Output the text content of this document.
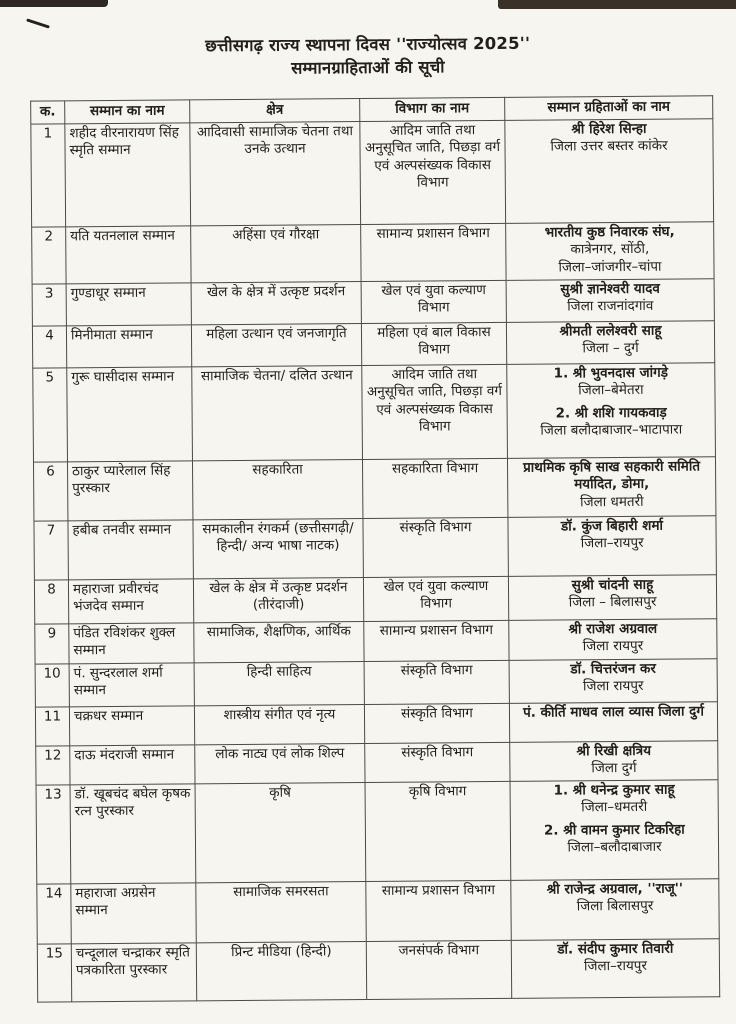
छत्तीसगढ़ राज्य स्थापना दिवस ''राज्योत्सव 2025''
सम्मानग्राहिताओं की सूची
क.	सम्मान का नाम	क्षेत्र	विभाग का नाम	सम्मान ग्रहिताओं का नाम
1	शहीद वीरनारायण सिंह स्मृति सम्मान	आदिवासी सामाजिक चेतना तथा उनके उत्थान	आदिम जाति तथा अनुसूचित जाति, पिछड़ा वर्ग एवं अल्पसंख्यक विकास विभाग	श्री हिरेश सिन्हा
जिला उत्तर बस्तर कांकेर

2	यति यतनलाल सम्मान	अहिंसा एवं गौरक्षा	सामान्य प्रशासन विभाग	भारतीय कुष्ठ निवारक संघ,
कात्रेनगर, सोंठी,
जिला–जांजगीर–चांपा

3	गुण्डाधूर सम्मान	खेल के क्षेत्र में उत्कृष्ट प्रदर्शन	खेल एवं युवा कल्याण विभाग	सुश्री ज्ञानेश्वरी यादव
जिला राजनांदगांव

4	मिनीमाता सम्मान	महिला उत्थान एवं जनजागृति	महिला एवं बाल विकास विभाग	श्रीमती ललेश्वरी साहू
जिला – दुर्ग

5	गुरू घासीदास सम्मान	सामाजिक चेतना/ दलित उत्थान	आदिम जाति तथा अनुसूचित जाति, पिछड़ा वर्ग एवं अल्पसंख्यक विकास विभाग	1. श्री भुवनदास जांगड़े
जिला–बेमेतरा
2. श्री शशि गायकवाड़
जिला बलौदाबाजार–भाटापारा

6	ठाकुर प्यारेलाल सिंह पुरस्कार	सहकारिता	सहकारिता विभाग	प्राथमिक कृषि साख सहकारी समिति मर्यादित, डोमा,
जिला धमतरी

7	हबीब तनवीर सम्मान	समकालीन रंगकर्म (छत्तीसगढ़ी/ हिन्दी/ अन्य भाषा नाटक)	संस्कृति विभाग	डॉ. कुंज बिहारी शर्मा
जिला–रायपुर

8	महाराजा प्रवीरचंद भंजदेव सम्मान	खेल के क्षेत्र में उत्कृष्ट प्रदर्शन (तीरंदाजी)	खेल एवं युवा कल्याण विभाग	सुश्री चांदनी साहू
जिला – बिलासपुर

9	पंडित रविशंकर शुक्ल सम्मान	सामाजिक, शैक्षणिक, आर्थिक	सामान्य प्रशासन विभाग	श्री राजेश अग्रवाल
जिला रायपुर

10	पं. सुन्दरलाल शर्मा सम्मान	हिन्दी साहित्य	संस्कृति विभाग	डॉ. चित्तरंजन कर
जिला रायपुर

11	चक्रधर सम्मान	शास्त्रीय संगीत एवं नृत्य	संस्कृति विभाग	पं. कीर्ति माधव लाल व्यास जिला दुर्ग

12	दाऊ मंदराजी सम्मान	लोक नाट्य एवं लोक शिल्प	संस्कृति विभाग	श्री रिखी क्षत्रिय
जिला दुर्ग

13	डॉ. खूबचंद बघेल कृषक रत्न पुरस्कार	कृषि	कृषि विभाग	1. श्री थनेन्द्र कुमार साहू
जिला–धमतरी
2. श्री वामन कुमार टिकरिहा
जिला–बलौदाबाजार

14	महाराजा अग्रसेन सम्मान	सामाजिक समरसता	सामान्य प्रशासन विभाग	श्री राजेन्द्र अग्रवाल, ''राजू''
जिला बिलासपुर

15	चन्दूलाल चन्द्राकर स्मृति पत्रकारिता पुरस्कार	प्रिन्ट मीडिया (हिन्दी)	जनसंपर्क विभाग	डॉ. संदीप कुमार तिवारी
जिला–रायपुर
